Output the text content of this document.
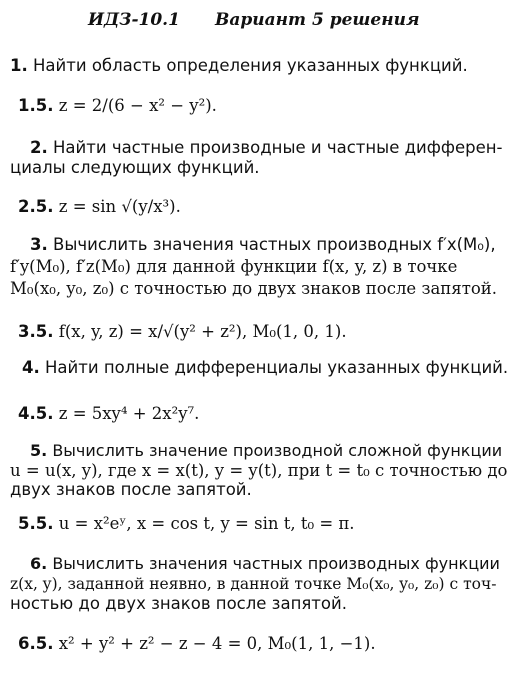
ИДЗ-10.1 Вариант 5 решения
1. Найти область определения указанных функций.
1.5. z = 2/(6 − x² − y²).
2. Найти частные производные и частные дифферен-
циалы следующих функций.
2.5. z = sin √(y/x³).
3. Вычислить значения частных производных f′x(M₀),
f′y(M₀), f′z(M₀) для данной функции f(x, y, z) в точке
M₀(x₀, y₀, z₀) с точностью до двух знаков после запятой.
3.5. f(x, y, z) = x/√(y² + z²), M₀(1, 0, 1).
4. Найти полные дифференциалы указанных функций.
4.5. z = 5xy⁴ + 2x²y⁷.
5. Вычислить значение производной сложной функции
u = u(x, y), где x = x(t), y = y(t), при t = t₀ с точностью до
двух знаков после запятой.
5.5. u = x²eʸ, x = cos t, y = sin t, t₀ = π.
6. Вычислить значения частных производных функции
z(x, y), заданной неявно, в данной точке M₀(x₀, y₀, z₀) с точ-
ностью до двух знаков после запятой.
6.5. x² + y² + z² − z − 4 = 0, M₀(1, 1, −1).
